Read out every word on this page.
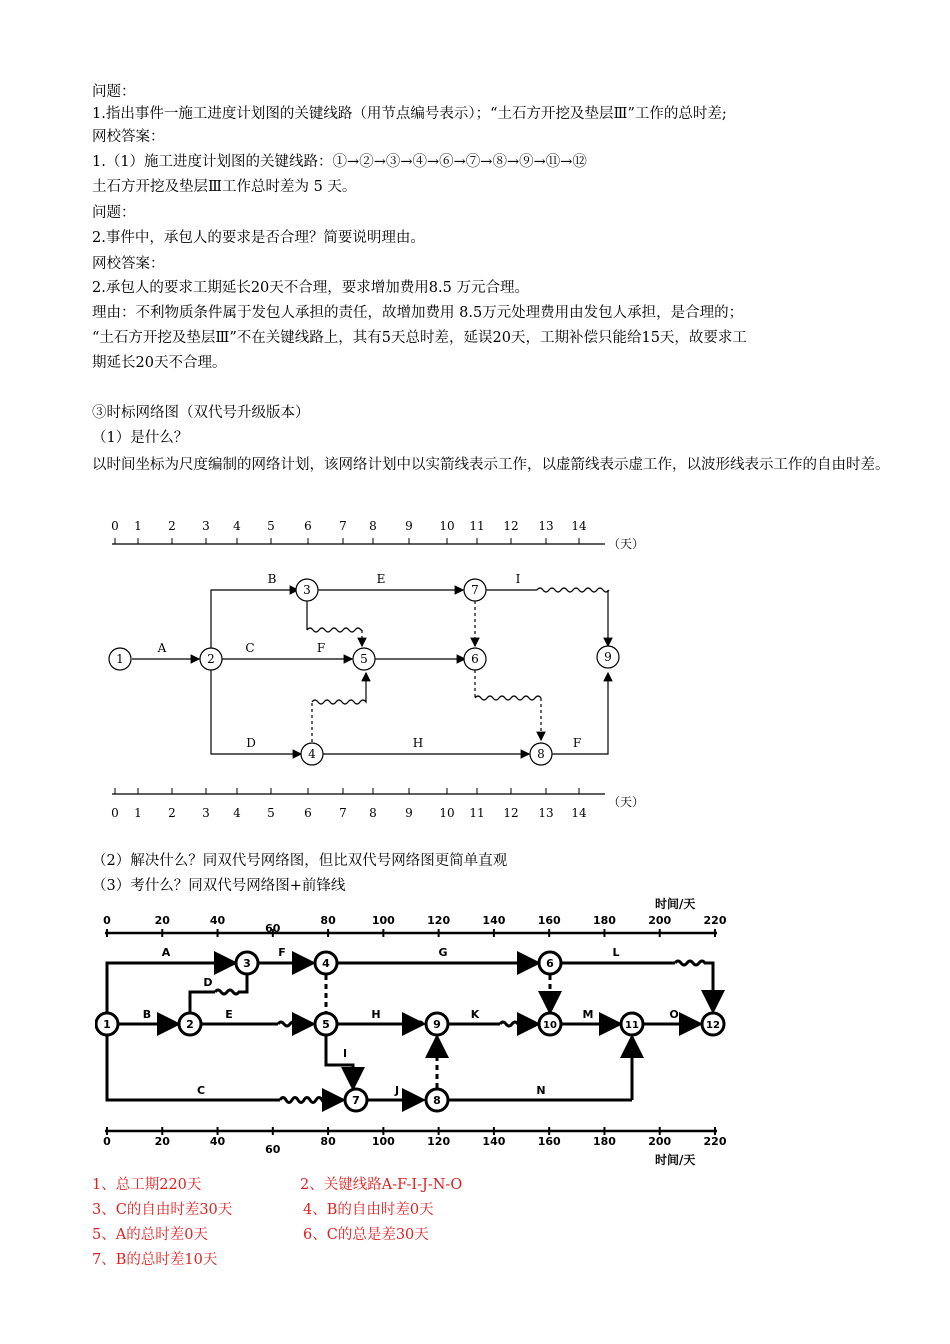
问题：
1.指出事件一施工进度计划图的关键线路（用节点编号表示）；“土石方开挖及垫层Ⅲ”工作的总时差;
网校答案：
1.（1）施工进度计划图的关键线路：①→②→③→④→⑥→⑦→⑧→⑨→⑪→⑫
土石方开挖及垫层Ⅲ工作总时差为 5 天。
问题：
2.事件中，承包人的要求是否合理？简要说明理由。
网校答案：
2.承包人的要求工期延长20天不合理，要求增加费用8.5 万元合理。
理由：不利物质条件属于发包人承担的责任，故增加费用 8.5万元处理费用由发包人承担，是合理的；
“土石方开挖及垫层Ⅲ”不在关键线路上，其有5天总时差，延误20天，工期补偿只能给15天，故要求工
期延长20天不合理。
③时标网络图（双代号升级版本）
（1）是什么？
以时间坐标为尺度编制的网络计划，该网络计划中以实箭线表示工作，以虚箭线表示虚工作，以波形线表示工作的自由时差。
0 1 2 3 4 5 6 7 8 9 10 11 12 13 14
0 1 2 3 4 5 6 7 8 9 10 11 12 13 14
（天）
（天）
1	2
3
4
5	6
7
8
9
A
B
C
D
E
F
H
I
F
（2）解决什么？同双代号网络图，但比双代号网络图更简单直观
（3）考什么？同双代号网络图+前锋线
时间/天
0	20	40
60
80	100	120	140	160	180	200	220
0	20	40
60
80	100	120	140	160	180	200	220
时间/天
1	2
3	4
5
6
7	8
9	10	11	12
A
B
C
D
E
F	G
H
I
J
K
L
M
N
O
1、总工期220天	2、关键线路A-F-I-J-N-O
3、C的自由时差30天	4、B的自由时差0天
5、A的总时差0天	6、C的总是差30天
7、B的总时差10天
